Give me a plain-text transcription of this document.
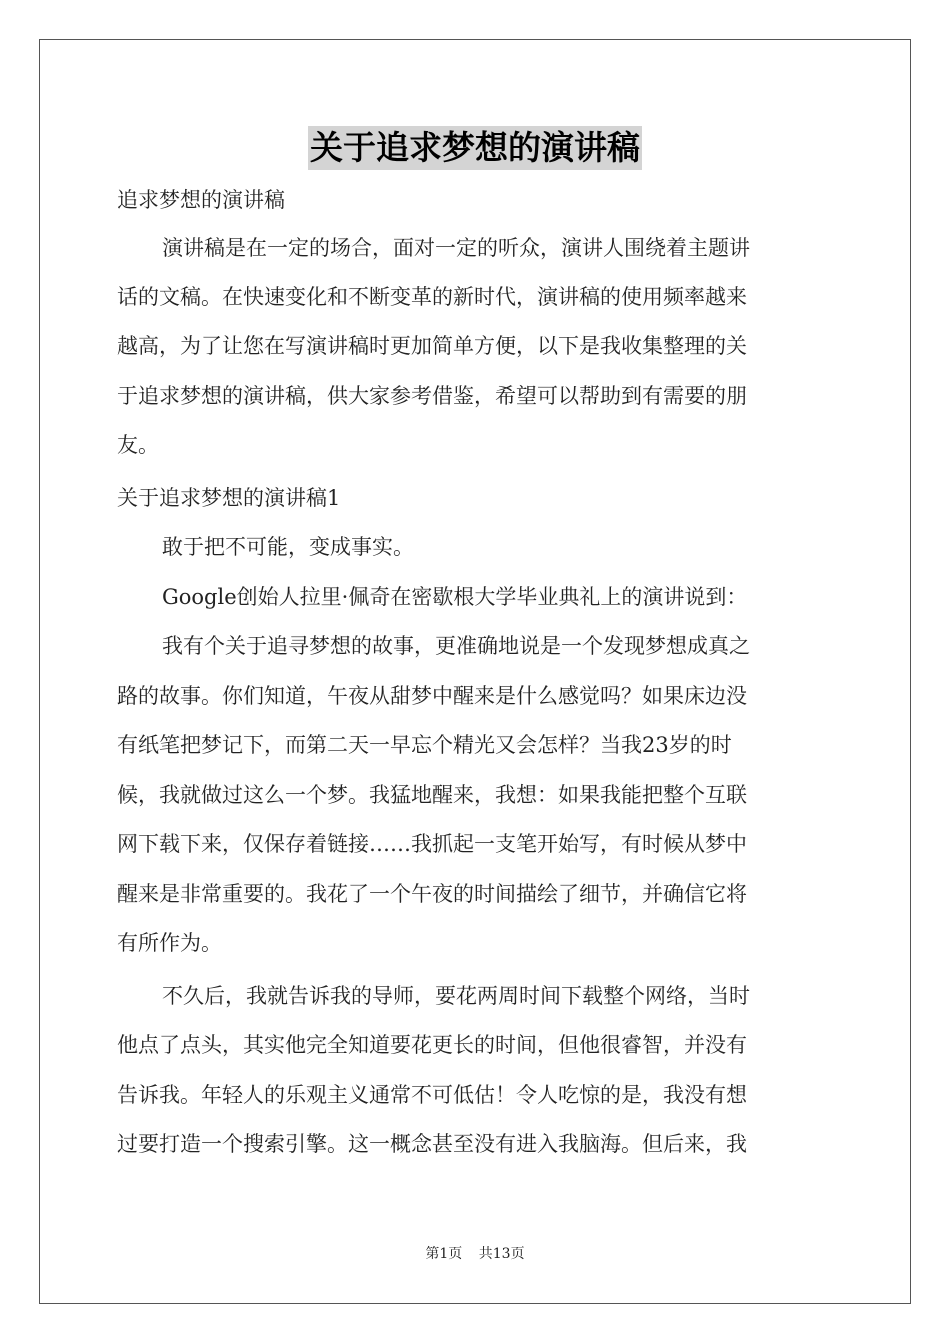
关于追求梦想的演讲稿
追求梦想的演讲稿
演讲稿是在一定的场合，面对一定的听众，演讲人围绕着主题讲
话的文稿。在快速变化和不断变革的新时代，演讲稿的使用频率越来
越高，为了让您在写演讲稿时更加简单方便，以下是我收集整理的关
于追求梦想的演讲稿，供大家参考借鉴，希望可以帮助到有需要的朋
友。
关于追求梦想的演讲稿1
敢于把不可能，变成事实。
Google创始人拉里·佩奇在密歇根大学毕业典礼上的演讲说到：
我有个关于追寻梦想的故事，更准确地说是一个发现梦想成真之
路的故事。你们知道，午夜从甜梦中醒来是什么感觉吗？如果床边没
有纸笔把梦记下，而第二天一早忘个精光又会怎样？当我23岁的时
候，我就做过这么一个梦。我猛地醒来，我想：如果我能把整个互联
网下载下来，仅保存着链接……我抓起一支笔开始写，有时候从梦中
醒来是非常重要的。我花了一个午夜的时间描绘了细节，并确信它将
有所作为。
不久后，我就告诉我的导师，要花两周时间下载整个网络，当时
他点了点头，其实他完全知道要花更长的时间，但他很睿智，并没有
告诉我。年轻人的乐观主义通常不可低估！令人吃惊的是，我没有想
过要打造一个搜索引擎。这一概念甚至没有进入我脑海。但后来，我
第1页 共13页
